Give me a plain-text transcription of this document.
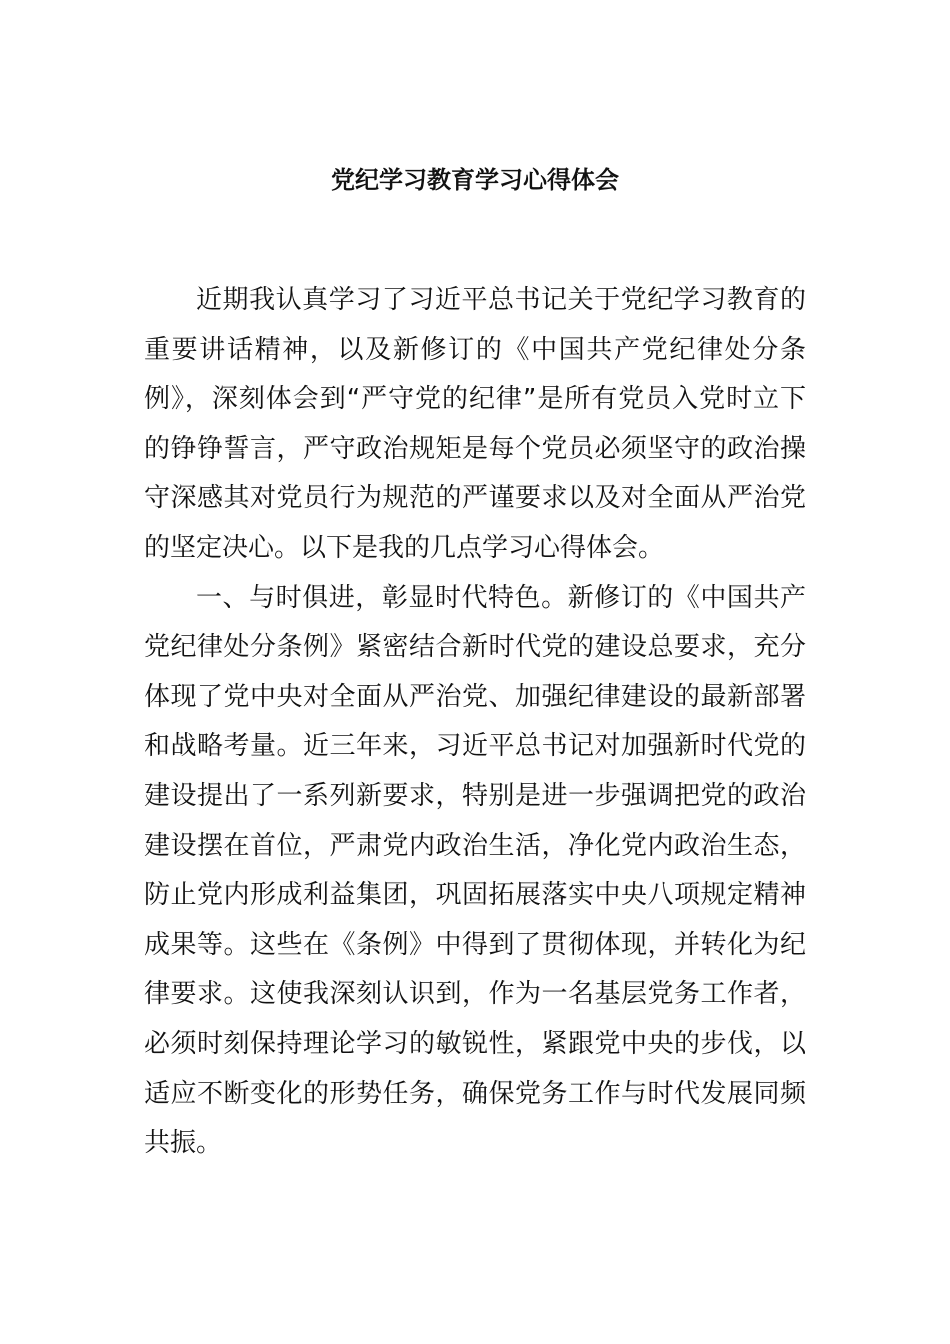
党纪学习教育学习心得体会

近期我认真学习了习近平总书记关于党纪学习教育的重要讲话精神，以及新修订的《中国共产党纪律处分条例》，深刻体会到“严守党的纪律”是所有党员入党时立下的铮铮誓言，严守政治规矩是每个党员必须坚守的政治操守深感其对党员行为规范的严谨要求以及对全面从严治党的坚定决心。以下是我的几点学习心得体会。

一、与时俱进，彰显时代特色。新修订的《中国共产党纪律处分条例》紧密结合新时代党的建设总要求，充分体现了党中央对全面从严治党、加强纪律建设的最新部署和战略考量。近三年来，习近平总书记对加强新时代党的建设提出了一系列新要求，特别是进一步强调把党的政治建设摆在首位，严肃党内政治生活，净化党内政治生态，防止党内形成利益集团，巩固拓展落实中央八项规定精神成果等。这些在《条例》中得到了贯彻体现，并转化为纪律要求。这使我深刻认识到，作为一名基层党务工作者，必须时刻保持理论学习的敏锐性，紧跟党中央的步伐，以适应不断变化的形势任务，确保党务工作与时代发展同频共振。
